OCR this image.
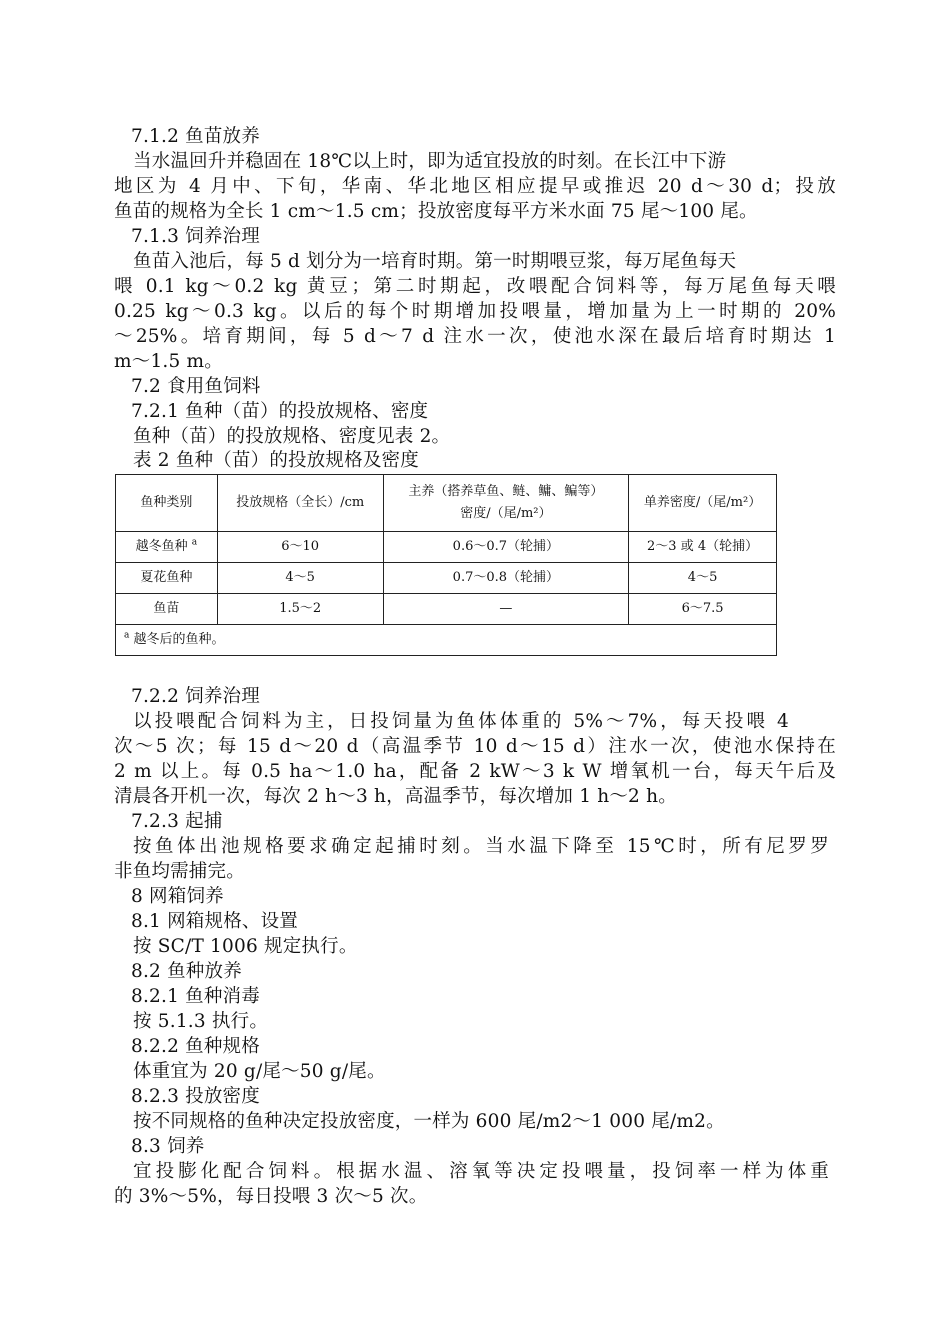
7.1.2 鱼苗放养
当水温回升并稳固在 18℃以上时，即为适宜投放的时刻。在长江中下游
地区为 4 月中、下旬，华南、华北地区相应提早或推迟 20 d～30 d；投放
鱼苗的规格为全长 1 cm～1.5 cm；投放密度每平方米水面 75 尾～100 尾。
7.1.3 饲养治理
鱼苗入池后，每 5 d 划分为一培育时期。第一时期喂豆浆，每万尾鱼每天
喂 0.1 kg～0.2 kg 黄豆；第二时期起，改喂配合饲料等，每万尾鱼每天喂
0.25 kg～0.3 kg。以后的每个时期增加投喂量，增加量为上一时期的 20%
～25%。培育期间，每 5 d～7 d 注水一次，使池水深在最后培育时期达 1
m～1.5 m。
7.2 食用鱼饲料
7.2.1 鱼种（苗）的投放规格、密度
鱼种（苗）的投放规格、密度见表 2。
表 2 鱼种（苗）的投放规格及密度
鱼种类别	投放规格（全长）/cm	主养（搭养草鱼、鲢、鳙、鳊等）
密度/（尾/m²）	单养密度/（尾/m²）
越冬鱼种 $^a$	6～10	0.6～0.7（轮捕）	2～3 或 4（轮捕）
夏花鱼种	4～5	0.7～0.8（轮捕）	4～5
鱼苗	1.5～2	—	6～7.5
$^a$ 越冬后的鱼种。			
7.2.2 饲养治理
以投喂配合饲料为主，日投饲量为鱼体体重的 5%～7%，每天投喂 4
次～5 次；每 15 d～20 d（高温季节 10 d～15 d）注水一次，使池水保持在
2 m 以上。每 0.5 ha～1.0 ha，配备 2 kW～3 k W 增氧机一台，每天午后及
清晨各开机一次，每次 2 h～3 h，高温季节，每次增加 1 h～2 h。
7.2.3 起捕
按鱼体出池规格要求确定起捕时刻。当水温下降至 15℃时，所有尼罗罗
非鱼均需捕完。
8 网箱饲养
8.1 网箱规格、设置
按 SC/T 1006 规定执行。
8.2 鱼种放养
8.2.1 鱼种消毒
按 5.1.3 执行。
8.2.2 鱼种规格
体重宜为 20 g/尾～50 g/尾。
8.2.3 投放密度
按不同规格的鱼种决定投放密度，一样为 600 尾/m2～1 000 尾/m2。
8.3 饲养
宜投膨化配合饲料。根据水温、溶氧等决定投喂量，投饲率一样为体重
的 3%～5%，每日投喂 3 次～5 次。
